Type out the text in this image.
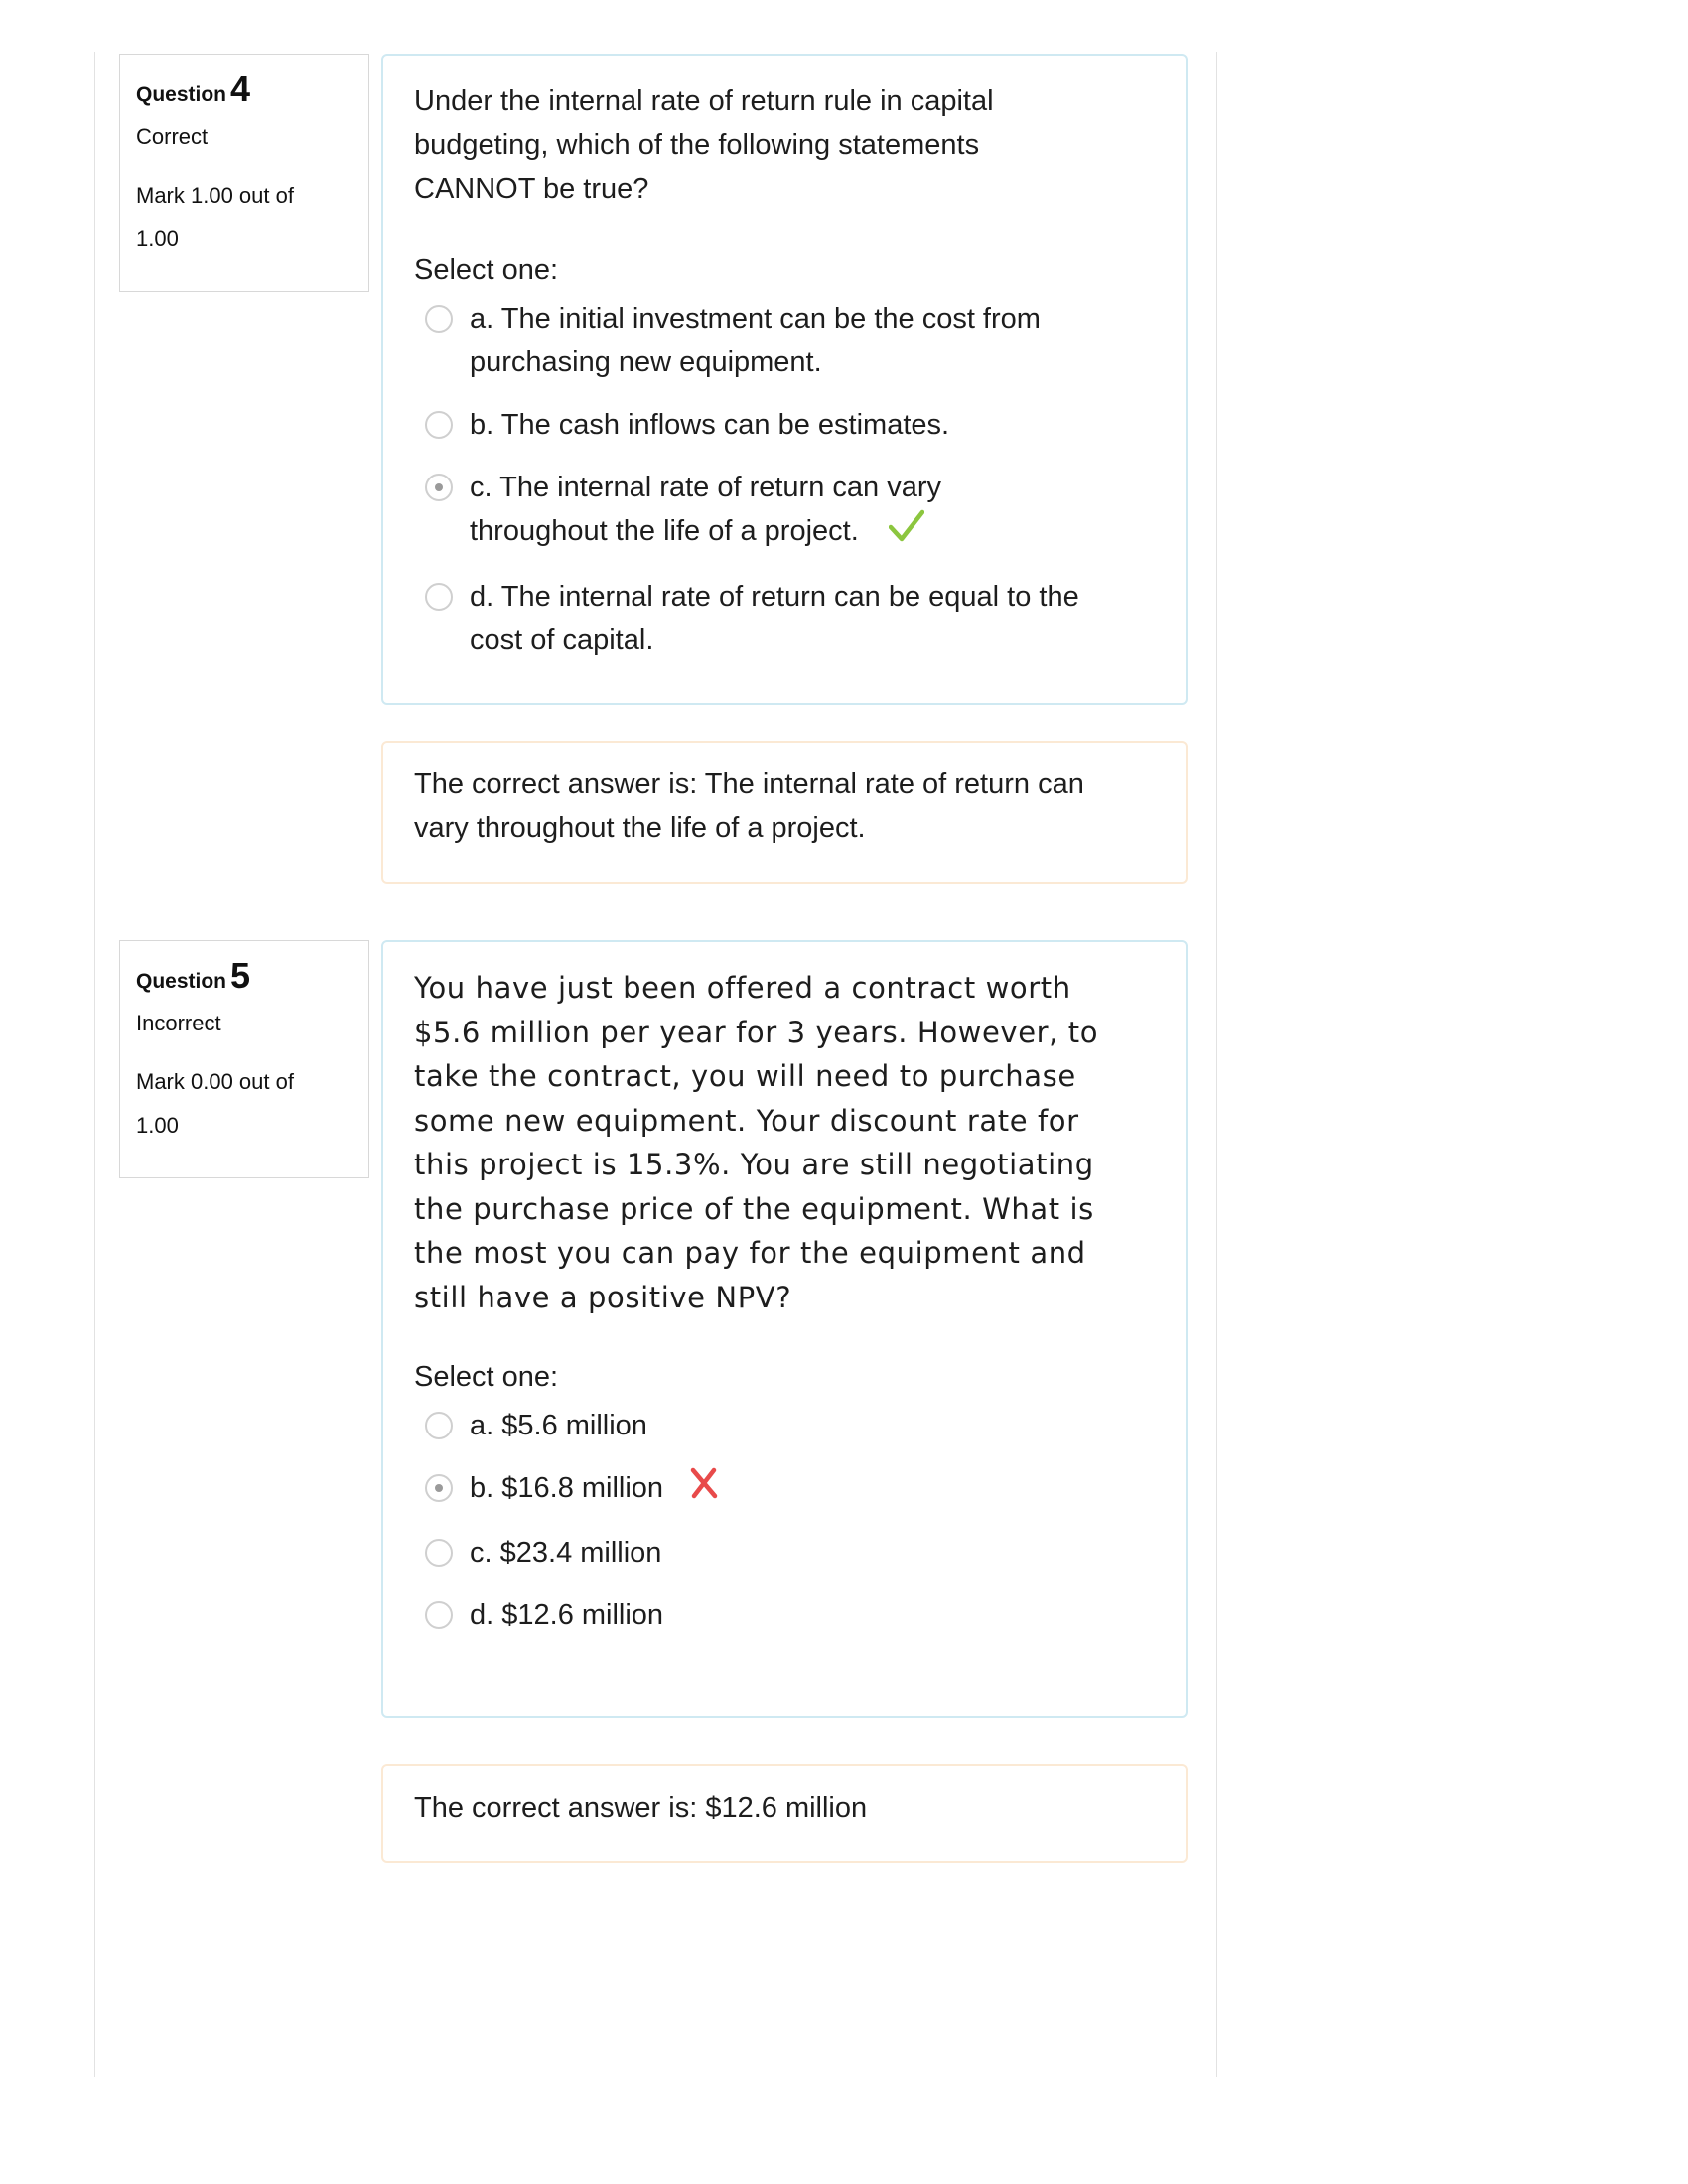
Question 4
Correct
Mark 1.00 out of 1.00
Under the internal rate of return rule in capital budgeting, which of the following statements CANNOT be true?
Select one:
a. The initial investment can be the cost from purchasing new equipment.
b. The cash inflows can be estimates.
c. The internal rate of return can vary throughout the life of a project.
d. The internal rate of return can be equal to the cost of capital.
The correct answer is: The internal rate of return can vary throughout the life of a project.
Question 5
Incorrect
Mark 0.00 out of 1.00
You have just been offered a contract worth $5.6 million per year for 3 years. However, to take the contract, you will need to purchase some new equipment. Your discount rate for this project is 15.3%. You are still negotiating the purchase price of the equipment. What is the most you can pay for the equipment and still have a positive NPV?
Select one:
a. $5.6 million
b. $16.8 million
c. $23.4 million
d. $12.6 million
The correct answer is: $12.6 million
